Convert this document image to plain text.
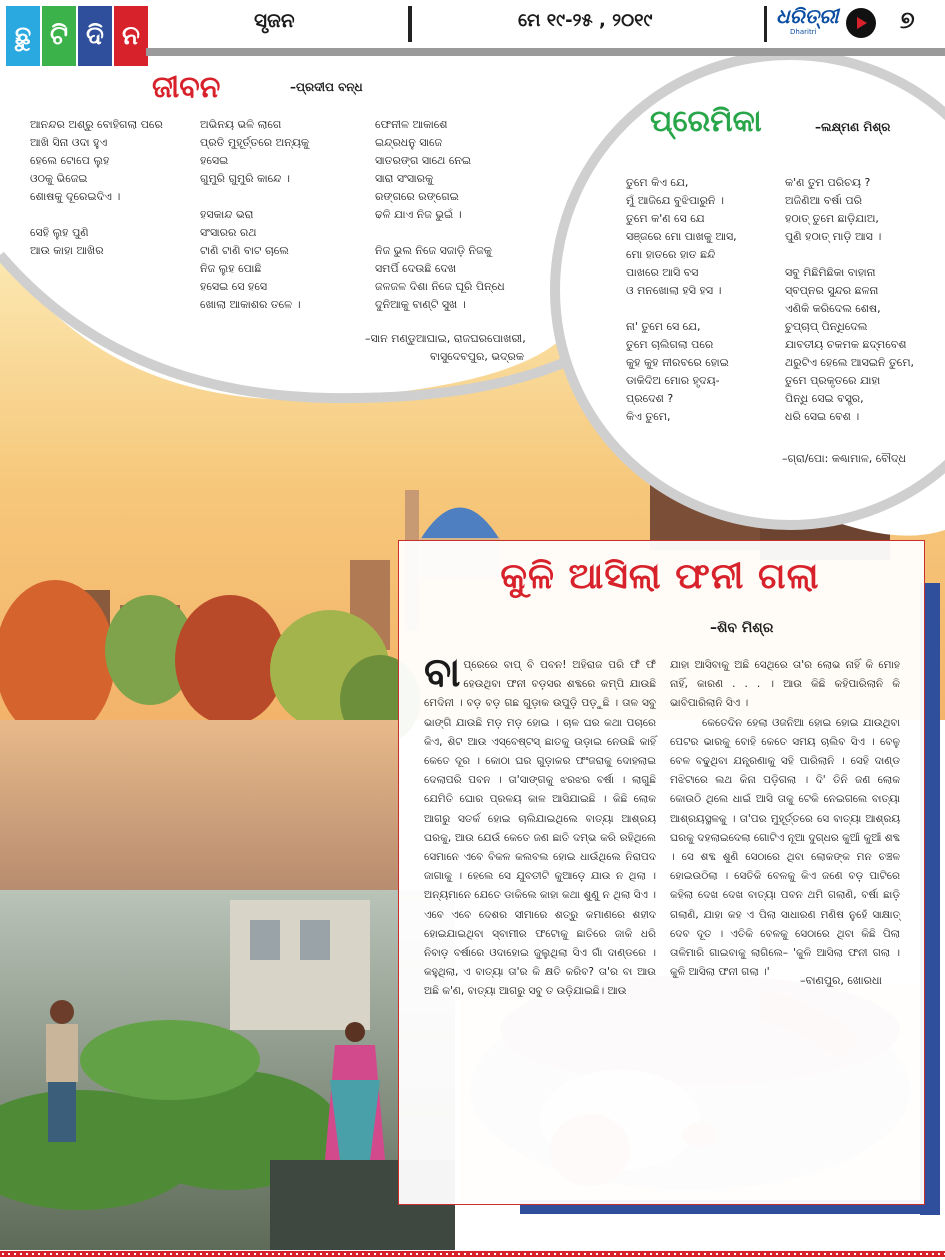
ଛୁ ଟି ଦି ନ
ସୃଜନ	ମେ ୧୯-୨୫ , ୨୦୧୯	ଧରିତ୍ରୀ
Dharitri	୭
ଜୀବନ	–ପ୍ରଦୀପ ବନ୍ଧ
ଆନନ୍ଦର ଅଶ୍ରୁ ବୋହିଗଲା ପରେ
ଆଖି ସିନା ଓଦା ହୁଏ
ହେଲେ ଟୋପେ ଲୁହ
ଓଠକୁ ଭିଜେଇ
ଶୋଷକୁ ଦୂରେଇଦିଏ ।
ସେହି ଲୁହ ପୁଣି
ଆଉ କାହା ଆଖିର
ଅଭିନୟ ଭଳି ଲାଗେ
ପ୍ରତି ମୁହୂର୍ତ୍ତରେ ଅନ୍ୟକୁ
ହସେଇ
ଗୁମୁରି ଗୁମୁରି କାନ୍ଦେ ।
ହସକାନ୍ଦ ଭରା
ସଂସାରର ରଥ
ଟାଣି ଟାଣି ବାଟ ଚାଲେ
ନିଜ ଲୁହ ପୋଛି
ହସେଇ ସେ ହସେ
ଖୋଲା ଆକାଶର ତଳେ ।
ଫେନୀଳ ଆକାଶେ
ଇନ୍ଦ୍ରଧନୁ ସାଜେ
ସାତରଙ୍ଗ ସାଥେ ନେଇ
ସାରା ସଂସାରକୁ
ରଙ୍ଗରେ ରଙ୍ଗେଇ
ଢଳି ଯାଏ ନିଜ ଭୁଇଁ ।
ନିଜ ଭୁଲ ନିଜେ ସଜାଡ଼ି ନିଜକୁ
ସମର୍ପି ଦେଉଛି ଦେଖ
ଜଳଜଳ ଦିଶା ନିଜେ ଘୂରି ପିନ୍ଧେ
ଦୁନିଆକୁ ବାଣ୍ଟି ସୁଖ ।
–ସାନ ମଣ୍ଡୁଆଘାଇ, ରାଜଘରପୋଖରୀ,
ବାସୁଦେବପୁର, ଭଦ୍ରକ
ପ୍ରେମିକା	–ଲକ୍ଷ୍ମଣ ମିଶ୍ର
ତୁମେ କିଏ ଯେ,
ମୁଁ ଆଜିଯେ ବୁଝିପାରୁନି ।
ତୁମେ କ'ଣ ସେ ଯେ
ସଞ୍ଜରେ ମୋ ପାଖକୁ ଆସ,
ମୋ ହାତରେ ହାତ ଛନ୍ଦି
ପାଖରେ ଆସି ବସ
ଓ ମନଖୋଲା ହସି ହସ ।
ନା' ତୁମେ ସେ ଯେ,
ତୁମେ ଚାଲିଗଲା ପରେ
କୁହ କୁହ ନୀରବରେ ହୋଇ
ଡାକିଦିଅ ମୋର ହୃଦୟ-
ପ୍ରଦେଶ ?
କିଏ ତୁମେ,
କ'ଣ ତୁମ ପରିଚୟ ?
ଅଜିଣିଆ ବର୍ଷା ପରି
ହଠାତ୍ ତୁମେ ଛାଡ଼ିଯାଅ,
ପୁଣି ହଠାତ୍ ମାଡ଼ି ଆସ ।
ସବୁ ମିଛିମିଛିକା ବାହାନା
ସ୍ବପ୍ନର ସୁନ୍ଦର ଛଳନା
ଏଣିକି କରିଦେଲ ଶେଷ,
ଚୁପ୍‌ଚାପ୍ ପିନ୍ଧିଦେଲ
ଯାବତୀୟ ଚକମକ ଛଦ୍ମବେଶ
ଥରୁଟିଏ ହେଲେ ଆସଇନି ତୁମେ,
ତୁମେ ପ୍ରକୃତରେ ଯାହା
ପିନ୍ଧି ସେଇ ବସ୍ତ୍ର,
ଧରି ସେଇ ବେଶ ।
–ଗ୍ରା/ପୋ: କଣ୍ଢାମାଳ, ବୌଦ୍ଧ
କୁଳି ଆସିଲା ଫନୀ ଗଲା
–ଶିବ ମିଶ୍ର

ବାପ୍ରେରେ ବାପ୍ ବି ପବନ! ଅହିରାଜ ପରି ଫଁ ଫଁ ହେଉଥିବା ଫନୀ ବଡ଼ସର ଶବ୍ଦରେ କମ୍ପି ଯାଉଛି ମେଦିନୀ । ବଡ଼ ବଡ଼ ଗଛ ଗୁଡ଼ାକ ଉପୁଡ଼ି ପଡ଼ୁଛି । ତାଳ ସବୁ ଭାଙ୍ଗି ଯାଉଛି ମଡ଼ ମଡ଼ ହୋଇ । ଚାଳ ଘର କଥା ପଚାରେ କିଏ, ଶିଟ ଆଉ ଏସ୍‌ବେଷ୍ଟସ୍ ଛାତକୁ ଉଡ଼ାଇ ନେଉଛି କାହିଁ କେତେ ଦୂର । କୋଠା ଘର ଗୁଡ଼ାକର ଫଂଜରାକୁ ଦୋହଲାଇ ଦେଲାପରି ପବନ । ତା'ସାଙ୍ଗକୁ ଝରଝର ବର୍ଷା । ଲାଗୁଛି ଯେମିତି ଘୋର ପ୍ରଳୟ କାଳ ଆସିଯାଇଛି । କିଛି ଲୋକ ଆଗରୁ ସତର୍କ ହୋଇ ଚାଲିଯାଇଥିଲେ ବାତ୍ୟା ଆଶ୍ରୟ ଘରକୁ, ଆଉ ଯେଉଁ କେତେ ଜଣ ଛାତି ଦମ୍ଭ କରି ରହିଥିଲେ ସେମାନେ ଏବେ ବିକଳ କଲବଲ ହୋଇ ଧାଉଁଥିଲେ ନିରାପଦ ଜାଗାକୁ । ହେଲେ ସେ ଯୁବତୀଟି କୁଆଡ଼େ ଯାଉ ନ ଥିଲା । ଅନ୍ୟମାନେ ଯେତେ ଡାକିଲେ କାହା କଥା ଶୁଣୁ ନ ଥିଲା ସିଏ । ଏବେ ଏବେ ଦେଶର ସୀମାରେ ଶତ୍ରୁ କମାଣରେ ଶହୀଦ ହୋଇଯାଇଥିବା ସ୍ବାମୀର ଫଟୋକୁ ଛାତିରେ ଜାକି ଧରି ନିବାଡ଼ ବର୍ଷାରେ ଓଦାହୋଇ ଜୁଲୁଥିଲା ସିଏ ଗାଁ ଦାଣ୍ଡରେ । କହୁଥିଲା, ଏ ବାତ୍ୟା ତା'ର କି କ୍ଷତି କରିବ? ତା'ର ବା ଆଉ ଅଛି କ'ଣ, ବାତ୍ୟା ଆଗରୁ ସବୁ ତ ଉଡ଼ିଯାଇଛି। ଆଉ

ଯାହା ଆସିବାକୁ ଅଛି ସେଥିରେ ତା'ର ଲୋଭ ନାହିଁ କି ମୋହ ନାହିଁ, କାରଣ . . . । ଆଉ କିଛି କହିପାରିଲାନି କି ଭାବିପାରିଲାନି ସିଏ ।

କେତେଦିନ ହେଲା ଓଜନିଆ ହୋଇ ହୋଇ ଯାଉଥିବା ପେଟର ଭାରକୁ ବୋହି କେତେ ସମୟ ଚାଲିବ ସିଏ । ବେଳୁ ବେଳ ବଢୁଥିବା ଯନ୍ତ୍ରଣାକୁ ସହି ପାରିଲାନି । ସେହି ଦାଣ୍ଡ ମଝିଟାରେ ଲଥ କିନା ପଡ଼ିଗଲା । ଦି' ତିନି ଜଣ ଲୋକ କୋଉଠି ଥିଲେ ଧାଇଁ ଆସି ତାକୁ ଟେକି ନେଇଗଲେ ବାତ୍ୟା ଆଶ୍ରୟସ୍ଥଳକୁ । ତା'ପର ମୁହୂର୍ତ୍ତରେ ସେ ବାତ୍ୟା ଆଶ୍ରୟ ଘରକୁ ଦହଲାଇଦେଲା ଗୋଟିଏ ନୂଆ ଦୁଗ୍ଧର କୁଆଁ କୁଆଁ ଶବ୍ଦ । ସେ ଶବ୍ଦ ଶୁଣି ସେଠାରେ ଥିବା ଲୋକଙ୍କ ମନ ଚଞ୍ଚଳ ହୋଇଉଠିଲା । ସେତିକି ବେଳକୁ କିଏ ଜଣେ ବଡ଼ ପାଟିରେ କହିଲା ଦେଖ ଦେଖ ବାତ୍ୟା ପବନ ଥମି ଗଲାଣି, ବର୍ଷା ଛାଡ଼ି ଗଲାଣି, ଯାହା କହ ଏ ପିଲା ସାଧାରଣ ମଣିଷ ନୁହେଁ ସାକ୍ଷାତ୍ ଦେବ ଦୂତ । ଏତିକି ବେଳକୁ ସେଠାରେ ଥିବା କିଛି ପିଲା ତାଳିମାରି ଗାଇବାକୁ ଲାଗିଲେ– 'କୁଳି ଆସିଲା ଫନୀ ଗଲା । କୁଳି ଆସିଲା ଫନୀ ଗଲା ।'

–ବାଣପୁର, ଖୋରଧା
